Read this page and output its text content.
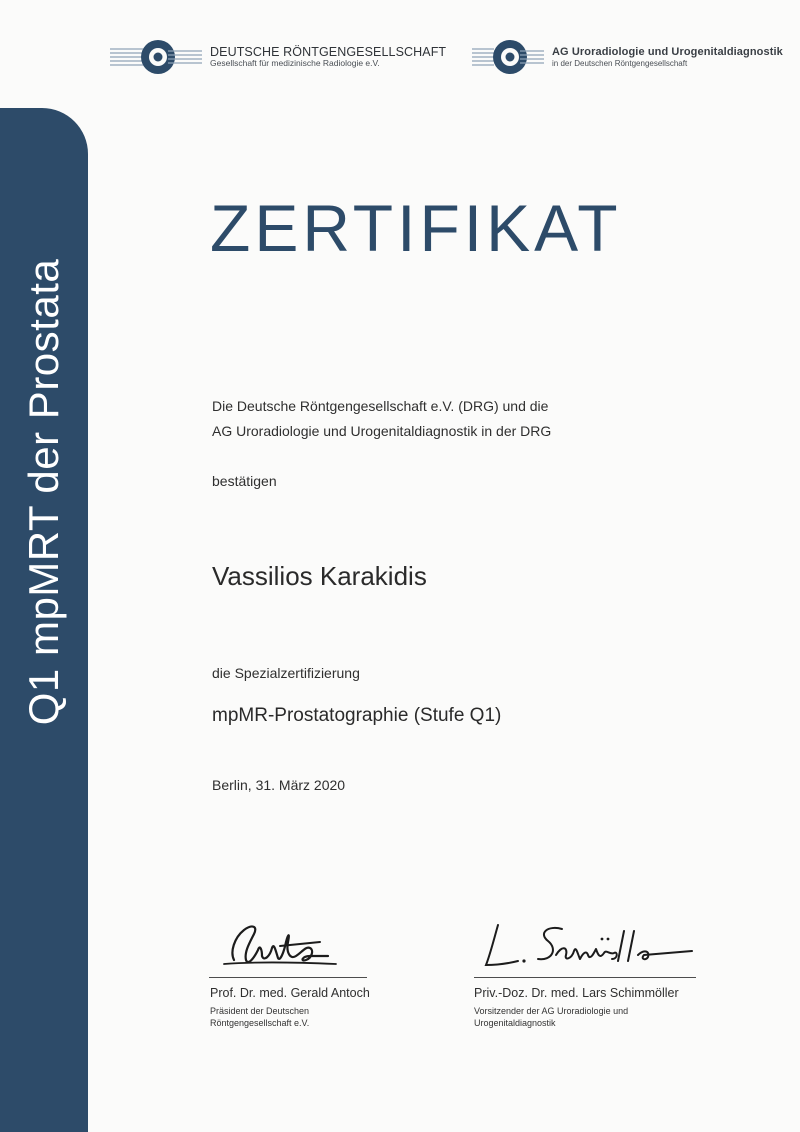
Q1 mpMRT der Prostata
DEUTSCHE RÖNTGENGESELLSCHAFT
Gesellschaft für medizinische Radiologie e.V.
AG Uroradiologie und Urogenitaldiagnostik
in der Deutschen Röntgengesellschaft
ZERTIFIKAT
Die Deutsche Röntgengesellschaft e.V. (DRG) und die
AG Uroradiologie und Urogenitaldiagnostik in der DRG
bestätigen
Vassilios Karakidis
die Spezialzertifizierung
mpMR-Prostatographie (Stufe Q1)
Berlin, 31. März 2020
Prof. Dr. med. Gerald Antoch
Präsident der Deutschen
Röntgengesellschaft e.V.
Priv.-Doz. Dr. med. Lars Schimmöller
Vorsitzender der AG Uroradiologie und
Urogenitaldiagnostik
